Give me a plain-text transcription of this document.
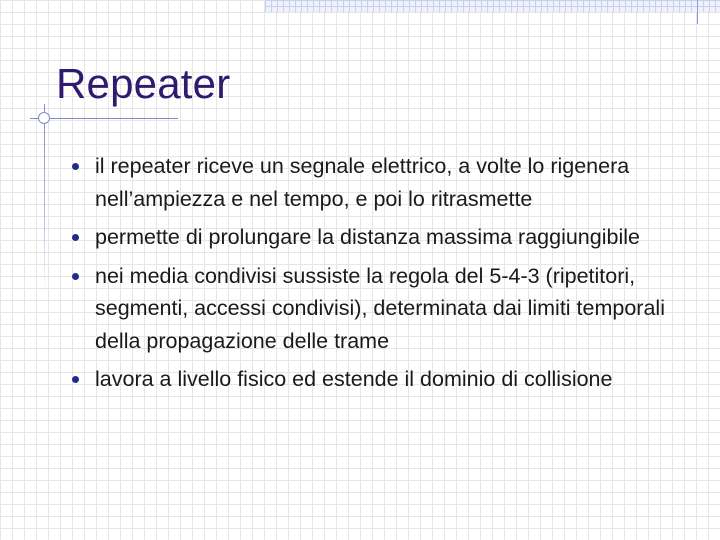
Repeater
il repeater riceve un segnale elettrico, a volte lo rigenera nell’ampiezza e nel tempo, e poi lo ritrasmette
permette di prolungare la distanza massima raggiungibile
nei media condivisi sussiste la regola del 5-4-3 (ripetitori, segmenti, accessi condivisi), determinata dai limiti temporali della propagazione delle trame
lavora a livello fisico ed estende il dominio di collisione
